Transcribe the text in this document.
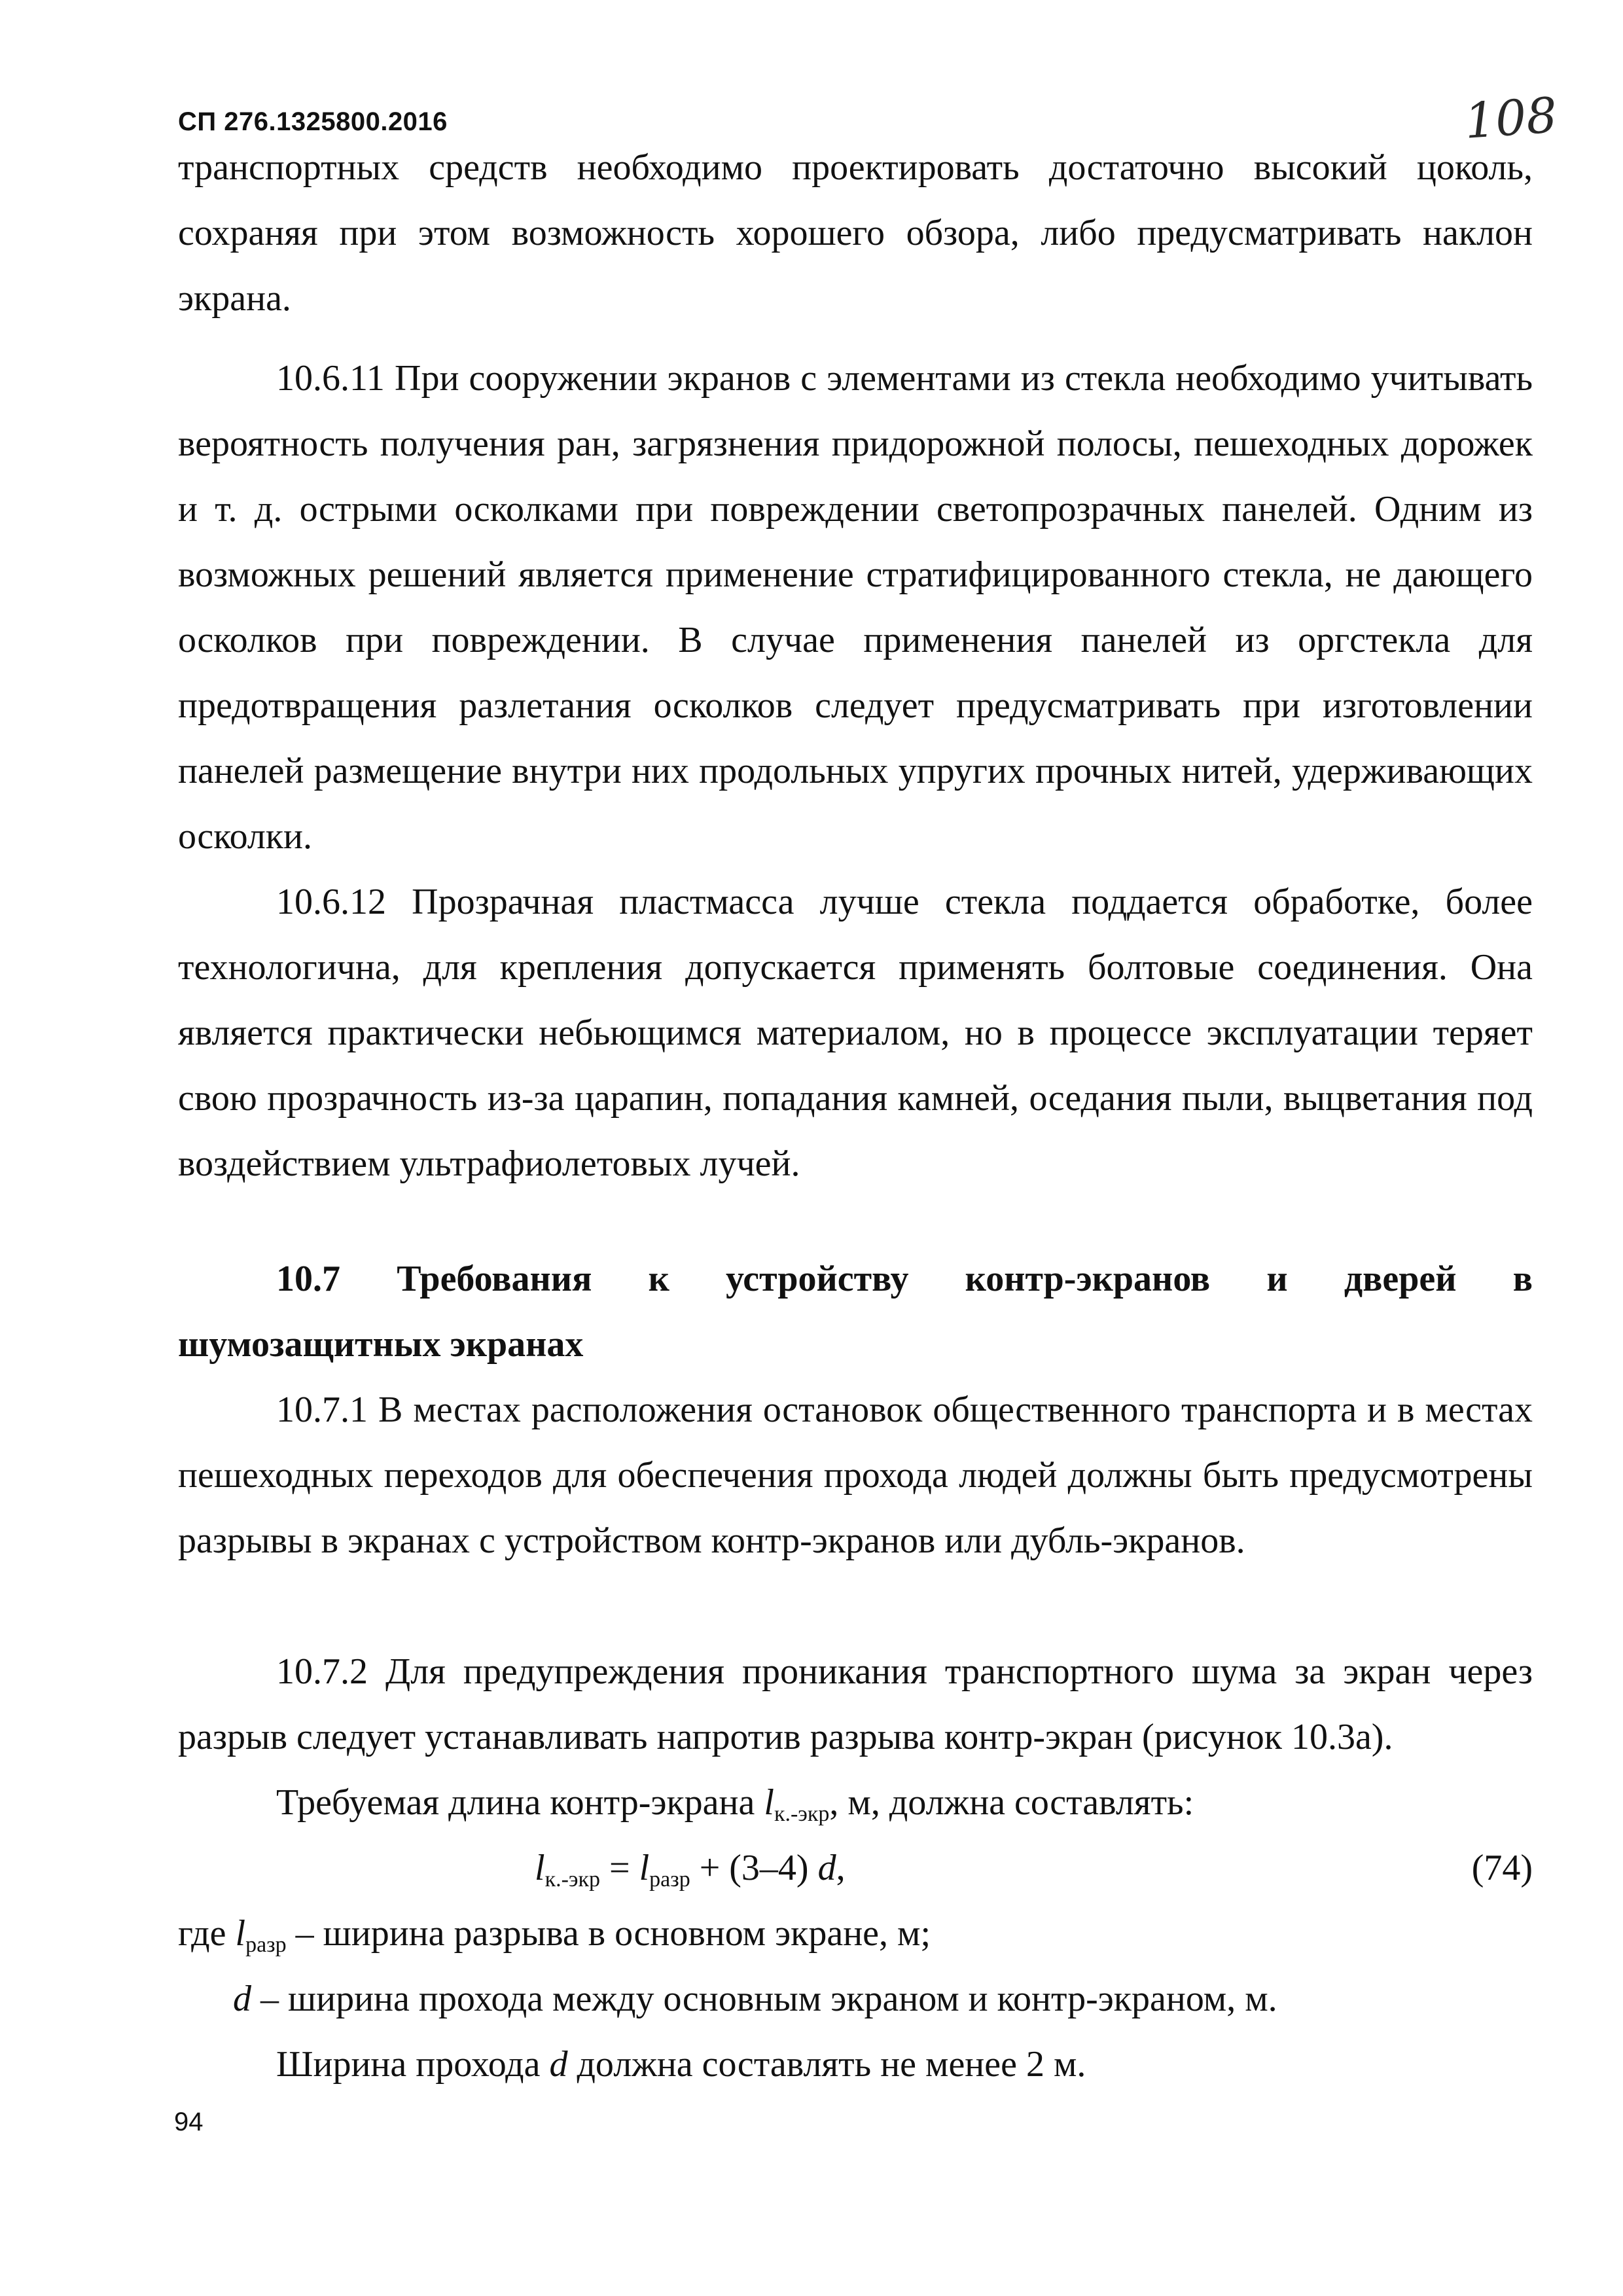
СП 276.1325800.2016	108

транспортных средств необходимо проектировать достаточно высокий цоколь, сохраняя при этом возможность хорошего обзора, либо предусматривать наклон экрана.

10.6.11 При сооружении экранов с элементами из стекла необходимо учитывать вероятность получения ран, загрязнения придорожной полосы, пешеходных дорожек и т. д. острыми осколками при повреждении светопрозрачных панелей. Одним из возможных решений является применение стратифицированного стекла, не дающего осколков при повреждении. В случае применения панелей из оргстекла для предотвращения разлетания осколков следует предусматривать при изготовлении панелей размещение внутри них продольных упругих прочных нитей, удерживающих осколки.

10.6.12 Прозрачная пластмасса лучше стекла поддается обработке, более технологична, для крепления допускается применять болтовые соединения. Она является практически небьющимся материалом, но в процессе эксплуатации теряет свою прозрачность из-за царапин, попадания камней, оседания пыли, выцветания под воздействием ультрафиолетовых лучей.

10.7 Требования к устройству контр-экранов и дверей в
шумозащитных экранах

10.7.1 В местах расположения остановок общественного транспорта и в местах пешеходных переходов для обеспечения прохода людей должны быть предусмотрены разрывы в экранах с устройством контр-экранов или дубль-экранов.

10.7.2 Для предупреждения проникания транспортного шума за экран через разрыв следует устанавливать напротив разрыва контр-экран (рисунок 10.3а).

Требуемая длина контр-экрана $l_{к.-экр}$, м, должна составлять:
$l_{к.-экр} = l_{разр} + (3-4)$ d,	(74)
где $l_{разр}$ – ширина разрыва в основном экране, м;
d – ширина прохода между основным экраном и контр-экраном, м.
Ширина прохода d должна составлять не менее 2 м.
94
